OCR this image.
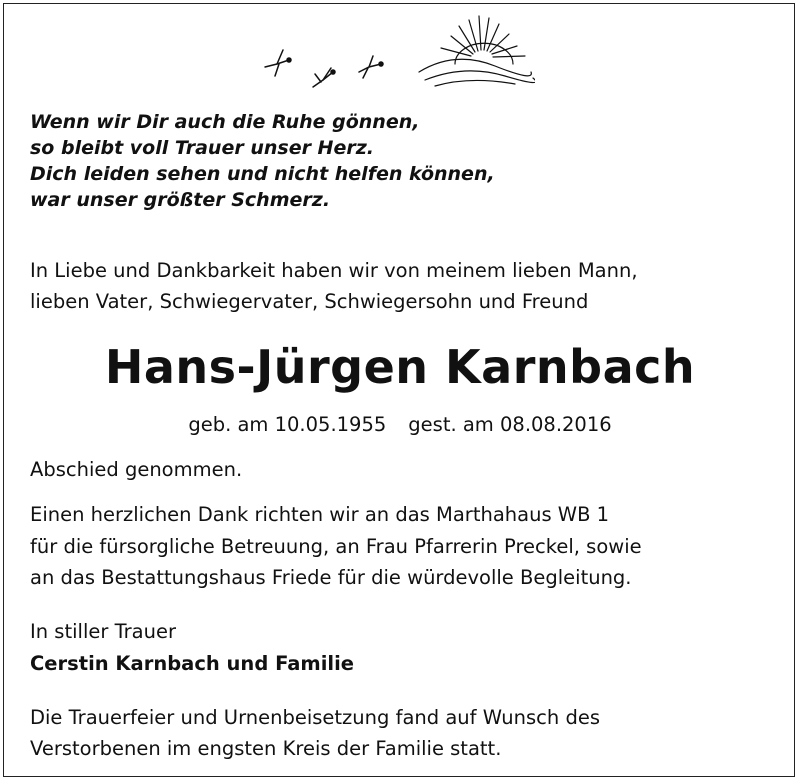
Wenn wir Dir auch die Ruhe gönnen,
so bleibt voll Trauer unser Herz.
Dich leiden sehen und nicht helfen können,
war unser größter Schmerz.
In Liebe und Dankbarkeit haben wir von meinem lieben Mann,
lieben Vater, Schwiegervater, Schwiegersohn und Freund
Hans-Jürgen Karnbach
geb. am 10.05.1955 gest. am 08.08.2016
Abschied genommen.
Einen herzlichen Dank richten wir an das Marthahaus WB 1
für die fürsorgliche Betreuung, an Frau Pfarrerin Preckel, sowie
an das Bestattungshaus Friede für die würdevolle Begleitung.
In stiller Trauer
Cerstin Karnbach und Familie
Die Trauerfeier und Urnenbeisetzung fand auf Wunsch des
Verstorbenen im engsten Kreis der Familie statt.
